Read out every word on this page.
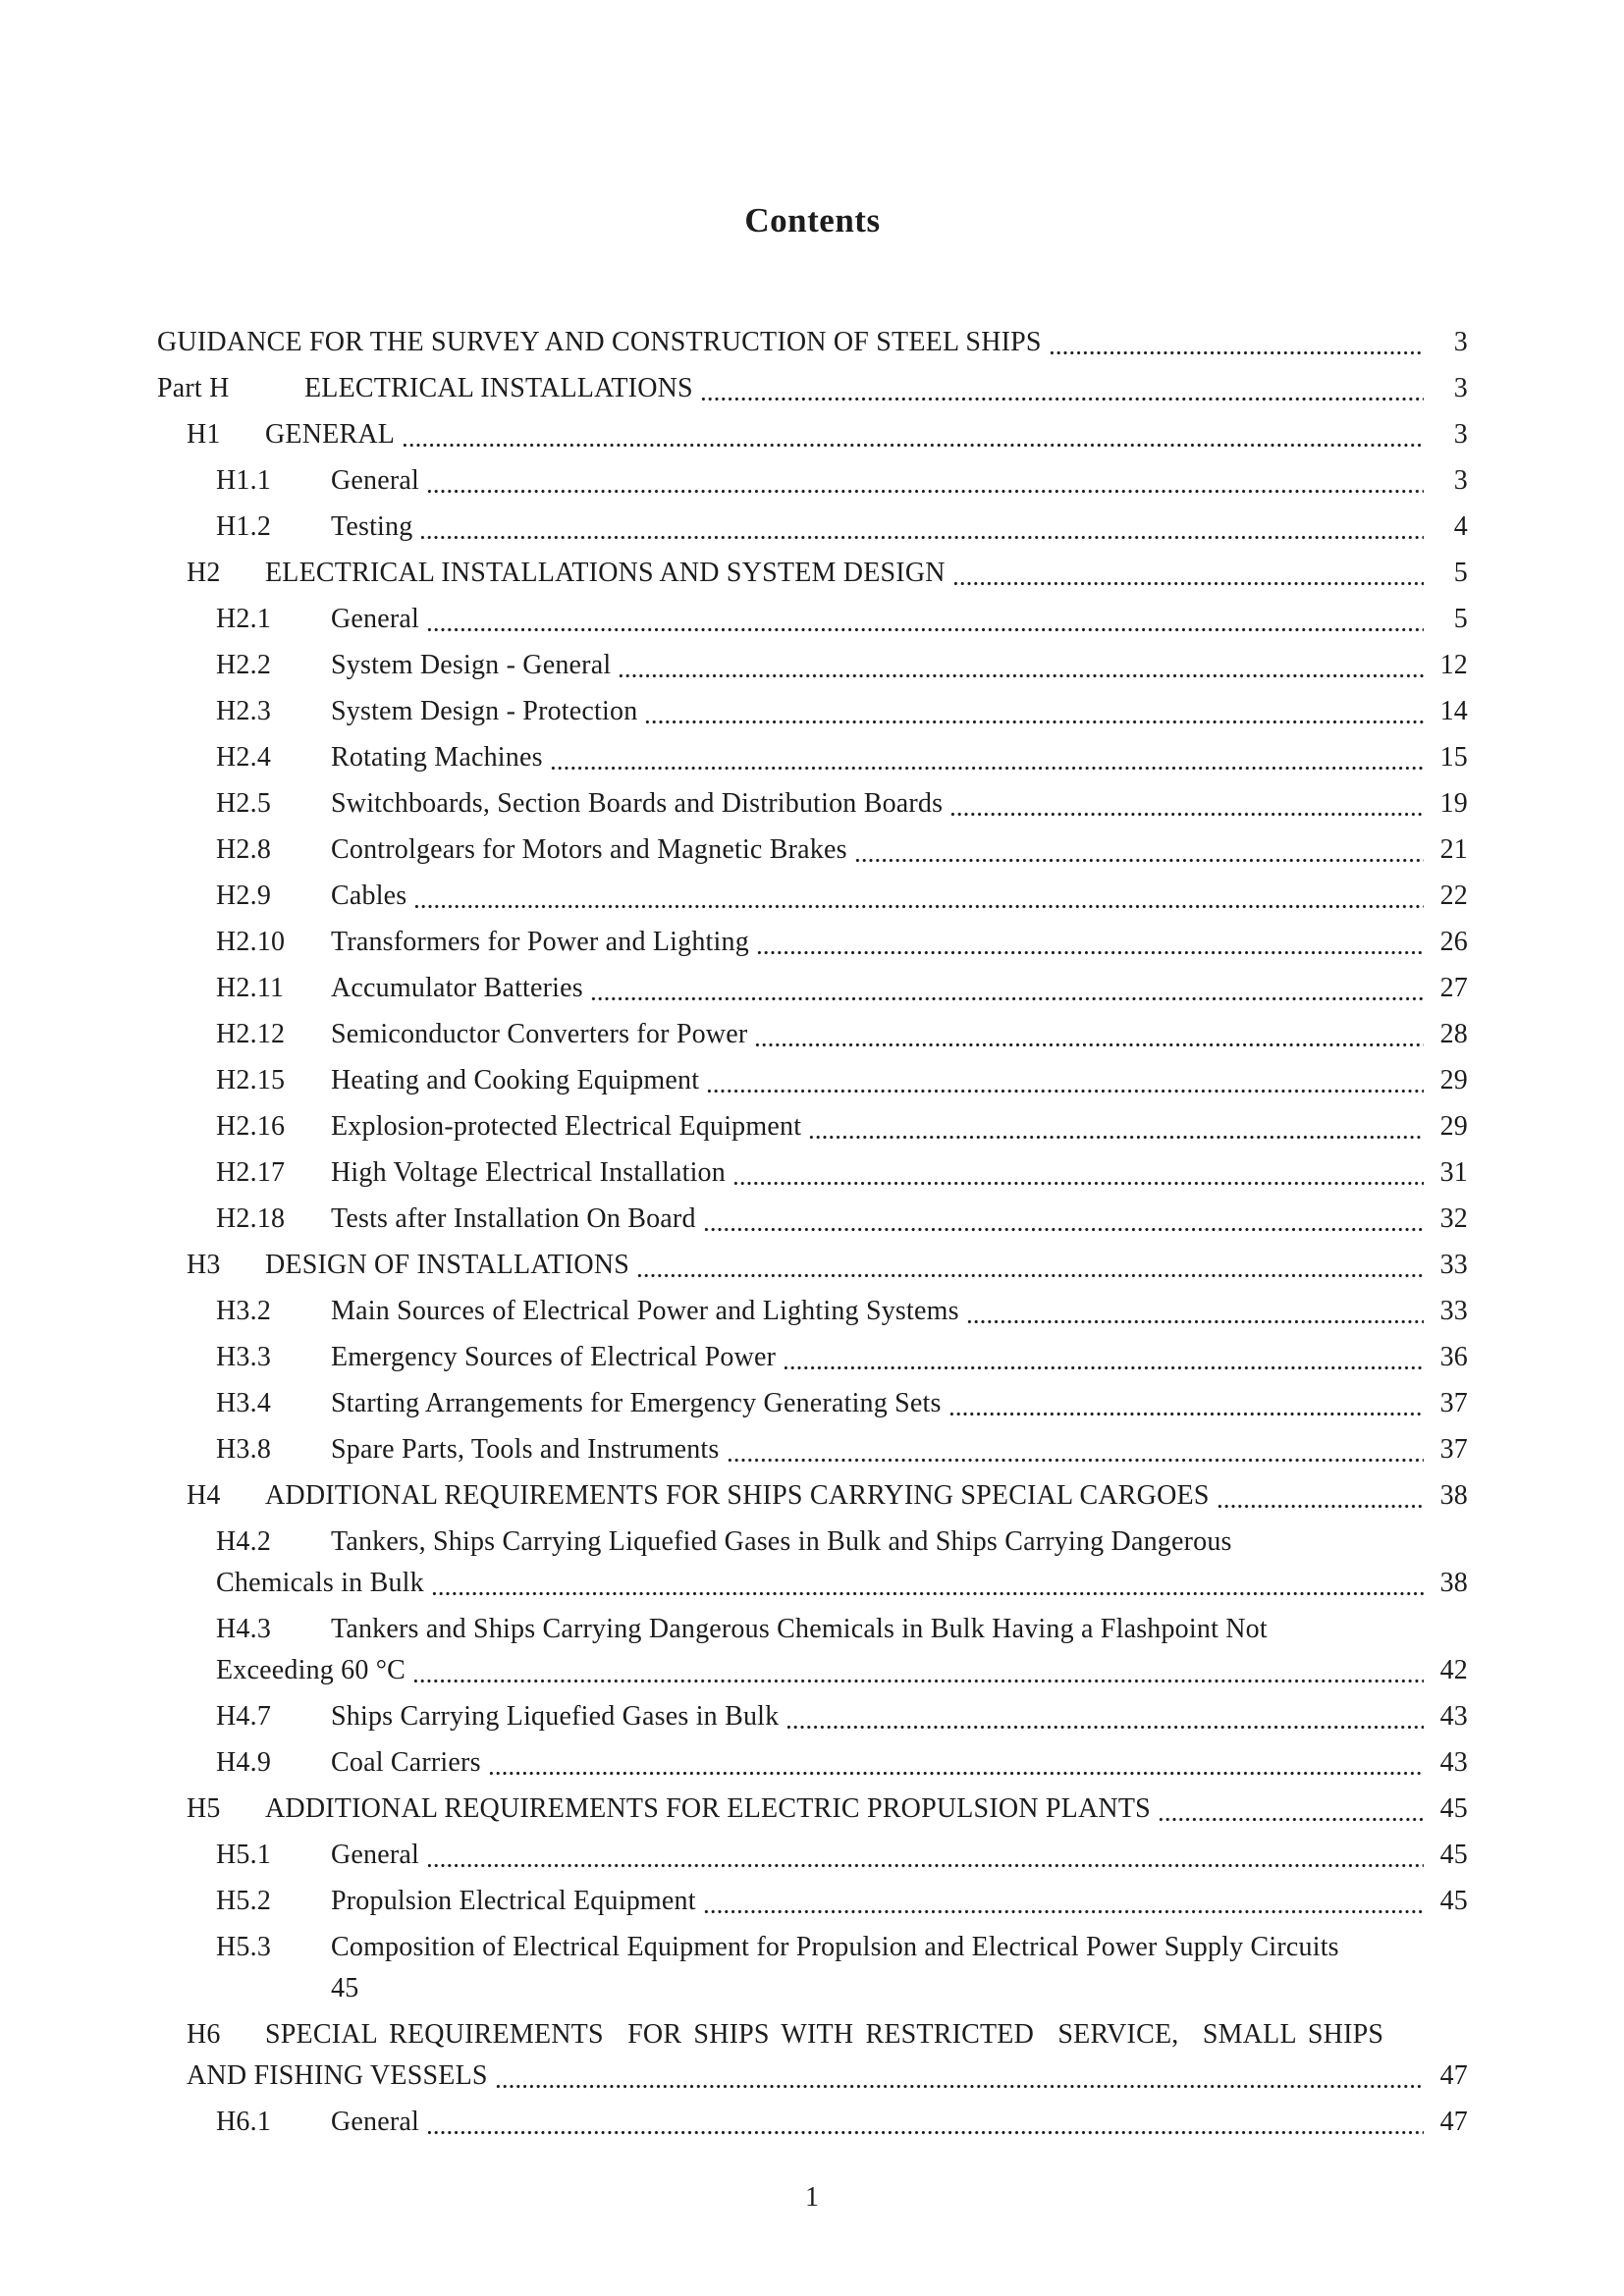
Contents
GUIDANCE FOR THE SURVEY AND CONSTRUCTION OF STEEL SHIPS	3
Part H	ELECTRICAL INSTALLATIONS	3
H1	GENERAL	3
H1.1	General	3
H1.2	Testing	4
H2	ELECTRICAL INSTALLATIONS AND SYSTEM DESIGN	5
H2.1	General	5
H2.2	System Design - General	12
H2.3	System Design - Protection	14
H2.4	Rotating Machines	15
H2.5	Switchboards, Section Boards and Distribution Boards	19
H2.8	Controlgears for Motors and Magnetic Brakes	21
H2.9	Cables	22
H2.10	Transformers for Power and Lighting	26
H2.11	Accumulator Batteries	27
H2.12	Semiconductor Converters for Power	28
H2.15	Heating and Cooking Equipment	29
H2.16	Explosion-protected Electrical Equipment	29
H2.17	High Voltage Electrical Installation	31
H2.18	Tests after Installation On Board	32
H3	DESIGN OF INSTALLATIONS	33
H3.2	Main Sources of Electrical Power and Lighting Systems	33
H3.3	Emergency Sources of Electrical Power	36
H3.4	Starting Arrangements for Emergency Generating Sets	37
H3.8	Spare Parts, Tools and Instruments	37
H4	ADDITIONAL REQUIREMENTS FOR SHIPS CARRYING SPECIAL CARGOES	38
H4.2	Tankers, Ships Carrying Liquefied Gases in Bulk and Ships Carrying Dangerous
Chemicals in Bulk	38
H4.3	Tankers and Ships Carrying Dangerous Chemicals in Bulk Having a Flashpoint Not
Exceeding 60 °C	42
H4.7	Ships Carrying Liquefied Gases in Bulk	43
H4.9	Coal Carriers	43
H5	ADDITIONAL REQUIREMENTS FOR ELECTRIC PROPULSION PLANTS	45
H5.1	General	45
H5.2	Propulsion Electrical Equipment	45
H5.3	Composition of Electrical Equipment for Propulsion and Electrical Power Supply Circuits
45
H6	SPECIAL REQUIREMENTS  FOR SHIPS WITH RESTRICTED  SERVICE,  SMALL SHIPS
AND FISHING VESSELS	47
H6.1	General	47
1
